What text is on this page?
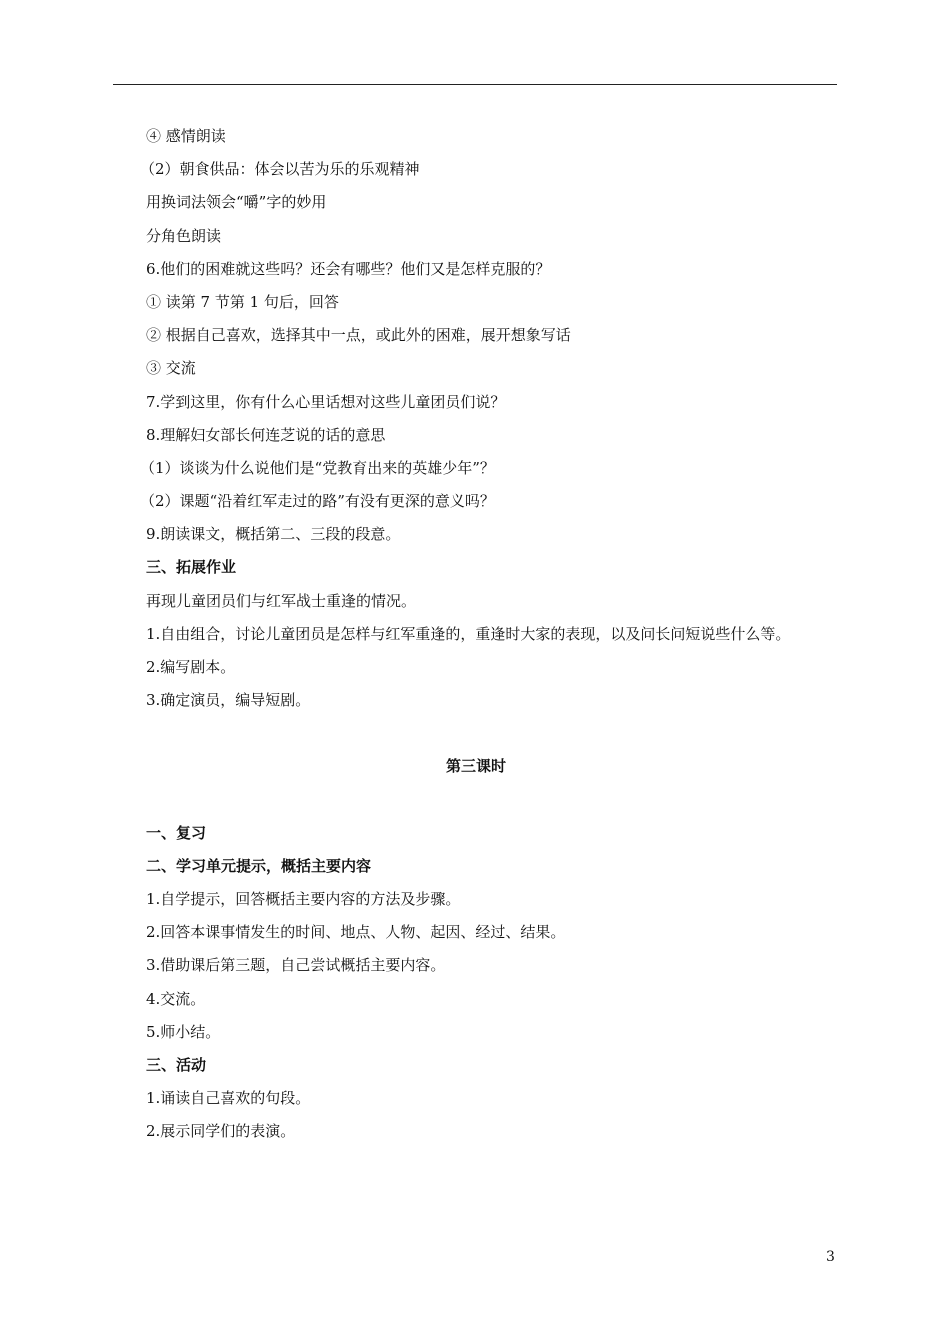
④ 感情朗读
（2）朝食供品：体会以苦为乐的乐观精神
用换词法领会“嚼”字的妙用
分角色朗读
6.他们的困难就这些吗？还会有哪些？他们又是怎样克服的？
① 读第 7 节第 1 句后，回答
② 根据自己喜欢，选择其中一点，或此外的困难，展开想象写话
③ 交流
7.学到这里，你有什么心里话想对这些儿童团员们说？
8.理解妇女部长何连芝说的话的意思
（1）谈谈为什么说他们是“党教育出来的英雄少年”？
（2）课题“沿着红军走过的路”有没有更深的意义吗？
9.朗读课文，概括第二、三段的段意。
三、拓展作业
再现儿童团员们与红军战士重逢的情况。
1.自由组合，讨论儿童团员是怎样与红军重逢的，重逢时大家的表现，以及问长问短说些什么等。
2.编写剧本。
3.确定演员，编导短剧。
第三课时
一、复习
二、学习单元提示，概括主要内容
1.自学提示，回答概括主要内容的方法及步骤。
2.回答本课事情发生的时间、地点、人物、起因、经过、结果。
3.借助课后第三题，自己尝试概括主要内容。
4.交流。
5.师小结。
三、活动
1.诵读自己喜欢的句段。
2.展示同学们的表演。
3
